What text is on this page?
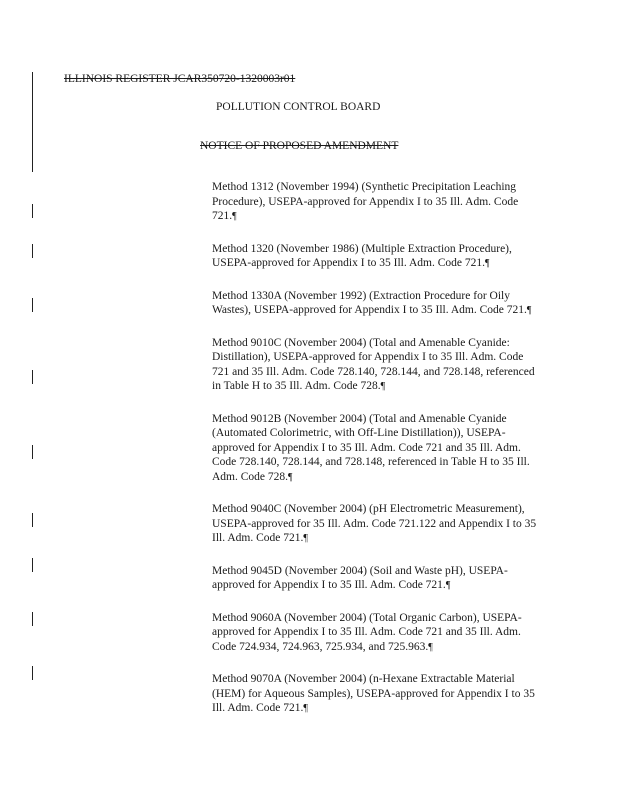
ILLINOIS REGISTER JCAR350720-1320003r01
POLLUTION CONTROL BOARD
NOTICE OF PROPOSED AMENDMENT

Method 1312 (November 1994) (Synthetic Precipitation Leaching Procedure), USEPA-approved for Appendix I to 35 Ill. Adm. Code 721.¶

Method 1320 (November 1986) (Multiple Extraction Procedure), USEPA-approved for Appendix I to 35 Ill. Adm. Code 721.¶

Method 1330A (November 1992) (Extraction Procedure for Oily Wastes), USEPA-approved for Appendix I to 35 Ill. Adm. Code 721.¶

Method 9010C (November 2004) (Total and Amenable Cyanide: Distillation), USEPA-approved for Appendix I to 35 Ill. Adm. Code 721 and 35 Ill. Adm. Code 728.140, 728.144, and 728.148, referenced in Table H to 35 Ill. Adm. Code 728.¶

Method 9012B (November 2004) (Total and Amenable Cyanide (Automated Colorimetric, with Off-Line Distillation)), USEPA-approved for Appendix I to 35 Ill. Adm. Code 721 and 35 Ill. Adm. Code 728.140, 728.144, and 728.148, referenced in Table H to 35 Ill. Adm. Code 728.¶

Method 9040C (November 2004) (pH Electrometric Measurement), USEPA-approved for 35 Ill. Adm. Code 721.122 and Appendix I to 35 Ill. Adm. Code 721.¶

Method 9045D (November 2004) (Soil and Waste pH), USEPA-approved for Appendix I to 35 Ill. Adm. Code 721.¶

Method 9060A (November 2004) (Total Organic Carbon), USEPA-approved for Appendix I to 35 Ill. Adm. Code 721 and 35 Ill. Adm. Code 724.934, 724.963, 725.934, and 725.963.¶

Method 9070A (November 2004) (n-Hexane Extractable Material (HEM) for Aqueous Samples), USEPA-approved for Appendix I to 35 Ill. Adm. Code 721.¶
